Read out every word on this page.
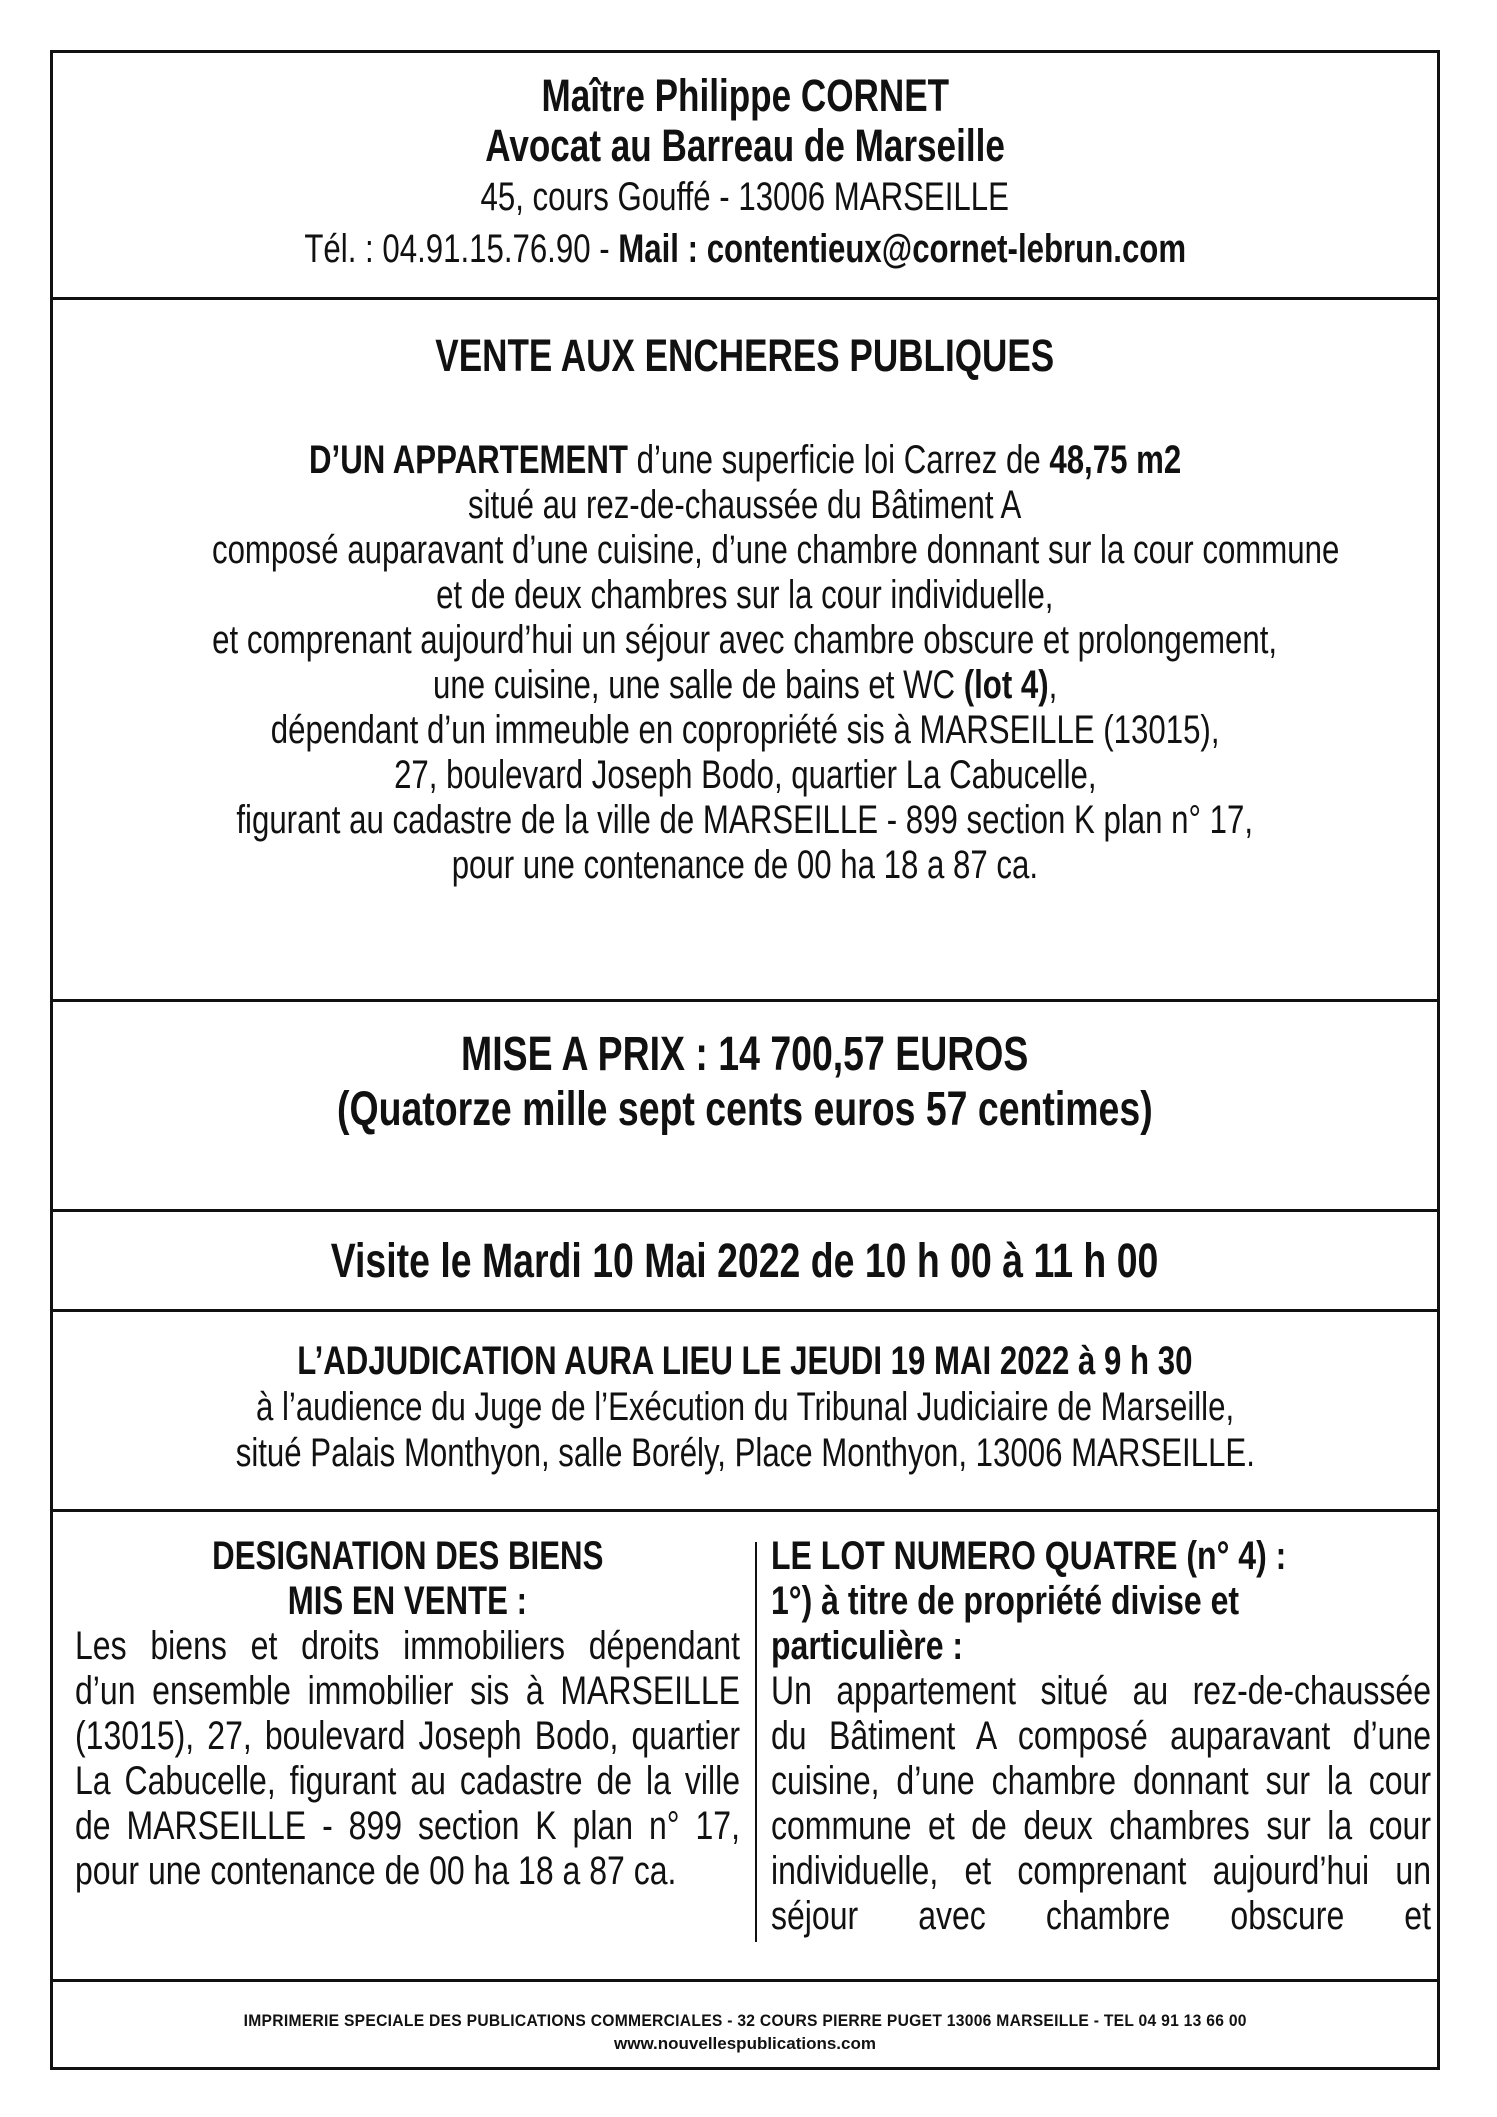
Maître Philippe CORNET
Avocat au Barreau de Marseille
45, cours Gouffé - 13006 MARSEILLE
Tél. : 04.91.15.76.90 - Mail : contentieux@cornet-lebrun.com
VENTE AUX ENCHERES PUBLIQUES
D’UN APPARTEMENT d’une superficie loi Carrez de 48,75 m2
situé au rez-de-chaussée du Bâtiment A
composé auparavant d’une cuisine, d’une chambre donnant sur la cour commune
et de deux chambres sur la cour individuelle,
et comprenant aujourd’hui un séjour avec chambre obscure et prolongement,
une cuisine, une salle de bains et WC (lot 4),
dépendant d’un immeuble en copropriété sis à MARSEILLE (13015),
27, boulevard Joseph Bodo, quartier La Cabucelle,
figurant au cadastre de la ville de MARSEILLE - 899 section K plan n° 17,
pour une contenance de 00 ha 18 a 87 ca.
MISE A PRIX : 14 700,57 EUROS
(Quatorze mille sept cents euros 57 centimes)
Visite le Mardi 10 Mai 2022 de 10 h 00 à 11 h 00
L’ADJUDICATION AURA LIEU LE JEUDI 19 MAI 2022 à 9 h 30
à l’audience du Juge de l’Exécution du Tribunal Judiciaire de Marseille,
situé Palais Monthyon, salle Borély, Place Monthyon, 13006 MARSEILLE.
DESIGNATION DES BIENS
MIS EN VENTE :
Les biens et droits immobiliers dépendant
d’un ensemble immobilier sis à MARSEILLE
(13015), 27, boulevard Joseph Bodo, quartier
La Cabucelle, figurant au cadastre de la ville
de MARSEILLE - 899 section K plan n° 17,
pour une contenance de 00 ha 18 a 87 ca.
LE LOT NUMERO QUATRE (n° 4) :
1°) à titre de propriété divise et
particulière :
Un appartement situé au rez-de-chaussée
du Bâtiment A composé auparavant d’une
cuisine, d’une chambre donnant sur la cour
commune et de deux chambres sur la cour
individuelle, et comprenant aujourd’hui un
séjour avec chambre obscure et
IMPRIMERIE SPECIALE DES PUBLICATIONS COMMERCIALES - 32 COURS PIERRE PUGET 13006 MARSEILLE - TEL 04 91 13 66 00
www.nouvellespublications.com
